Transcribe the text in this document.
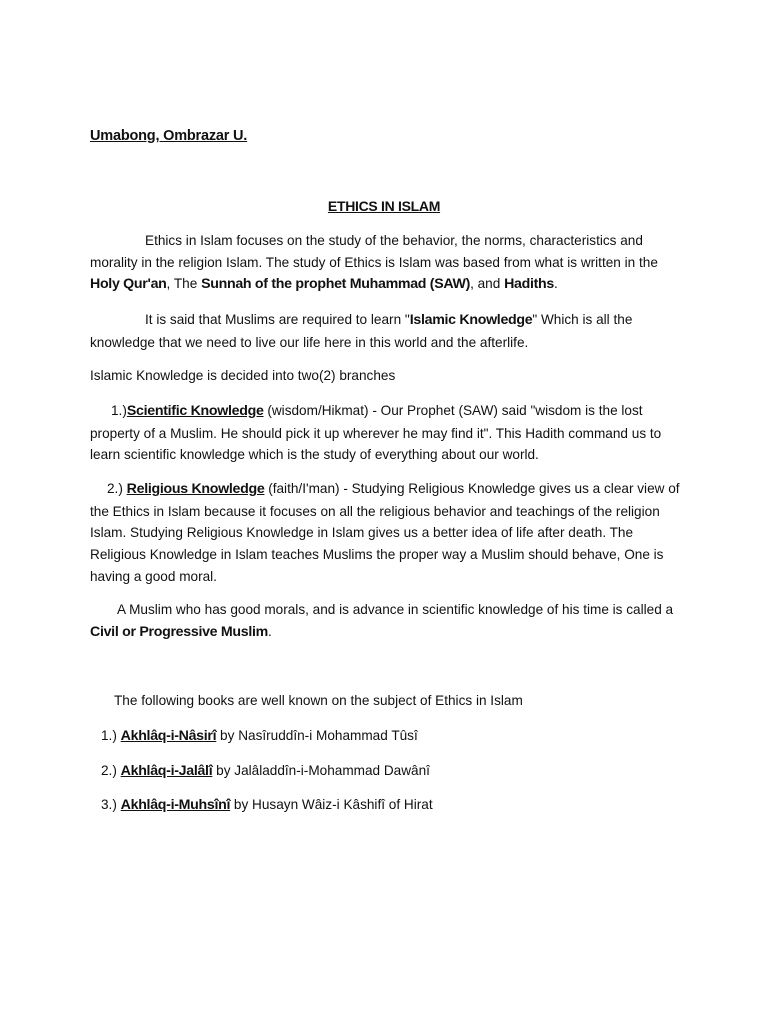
Umabong, Ombrazar U.
ETHICS IN ISLAM

Ethics in Islam focuses on the study of the behavior, the norms, characteristics and morality in the religion Islam. The study of Ethics is Islam was based from what is written in the Holy Qur'an, The Sunnah of the prophet Muhammad (SAW), and Hadiths.

It is said that Muslims are required to learn "Islamic Knowledge" Which is all the knowledge that we need to live our life here in this world and the afterlife.

Islamic Knowledge is decided into two(2) branches

1.)Scientific Knowledge (wisdom/Hikmat) - Our Prophet (SAW) said "wisdom is the lost property of a Muslim. He should pick it up wherever he may find it". This Hadith command us to learn scientific knowledge which is the study of everything about our world.

2.) Religious Knowledge (faith/I'man) - Studying Religious Knowledge gives us a clear view of the Ethics in Islam because it focuses on all the religious behavior and teachings of the religion Islam. Studying Religious Knowledge in Islam gives us a better idea of life after death. The Religious Knowledge in Islam teaches Muslims the proper way a Muslim should behave, One is having a good moral.

A Muslim who has good morals, and is advance in scientific knowledge of his time is called a Civil or Progressive Muslim.

The following books are well known on the subject of Ethics in Islam

1.) Akhlâq-i-Nâsirî by Nasîruddîn-i Mohammad Tûsî

2.) Akhlâq-i-Jalâlî by Jalâladdîn-i-Mohammad Dawânî

3.) Akhlâq-i-Muhsînî by Husayn Wâiz-i Kâshifî of Hirat
